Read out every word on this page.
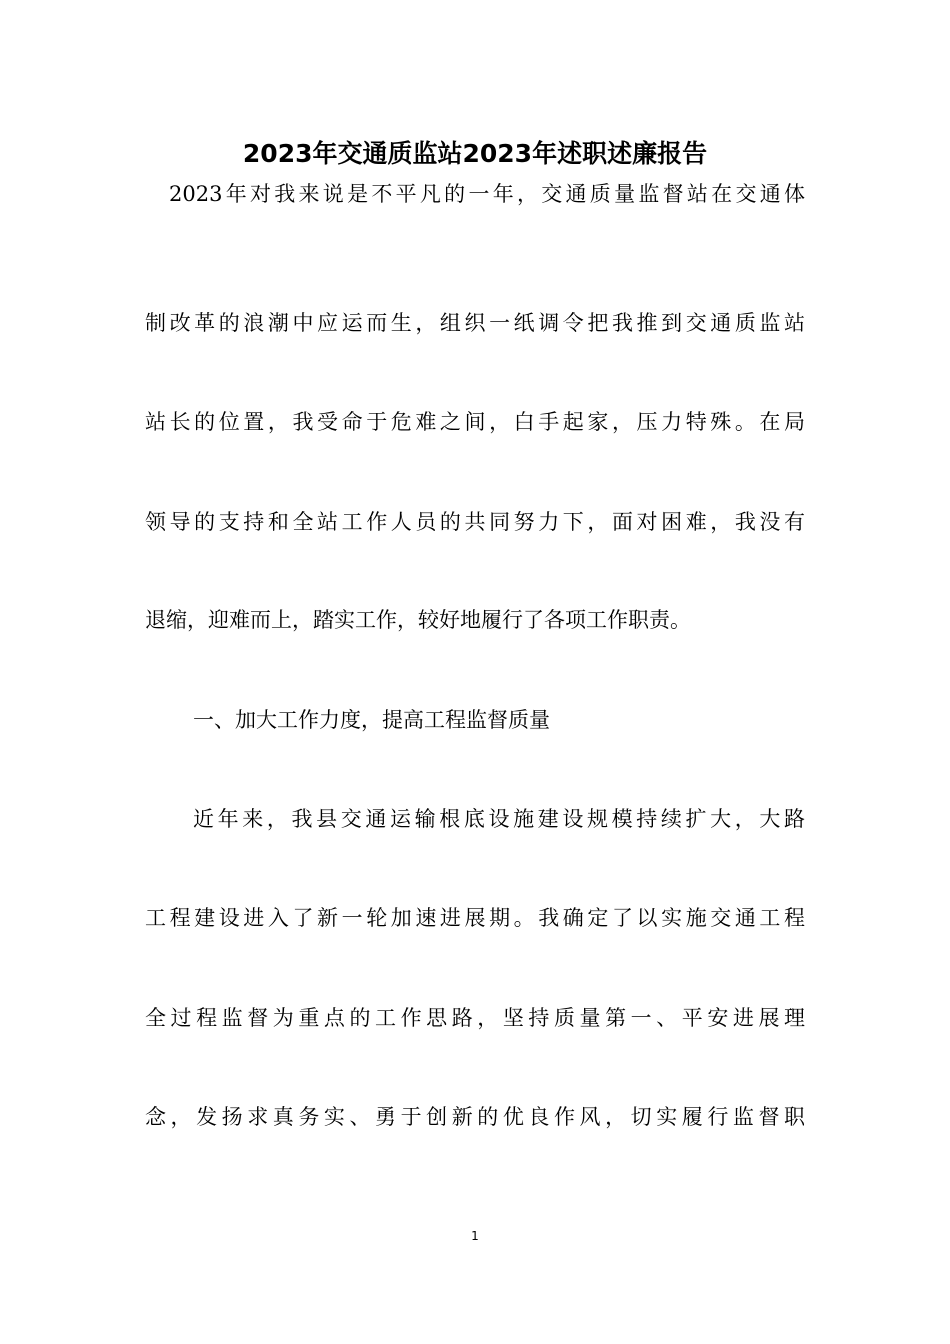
2023年交通质监站2023年述职述廉报告

2023年对我来说是不平凡的一年，交通质量监督站在交通体

制改革的浪潮中应运而生，组织一纸调令把我推到交通质监站

站长的位置，我受命于危难之间，白手起家，压力特殊。在局

领导的支持和全站工作人员的共同努力下，面对困难，我没有

退缩，迎难而上，踏实工作，较好地履行了各项工作职责。

一、加大工作力度，提高工程监督质量

近年来，我县交通运输根底设施建设规模持续扩大，大路

工程建设进入了新一轮加速进展期。我确定了以实施交通工程

全过程监督为重点的工作思路，坚持质量第一、平安进展理

念，发扬求真务实、勇于创新的优良作风，切实履行监督职

1
